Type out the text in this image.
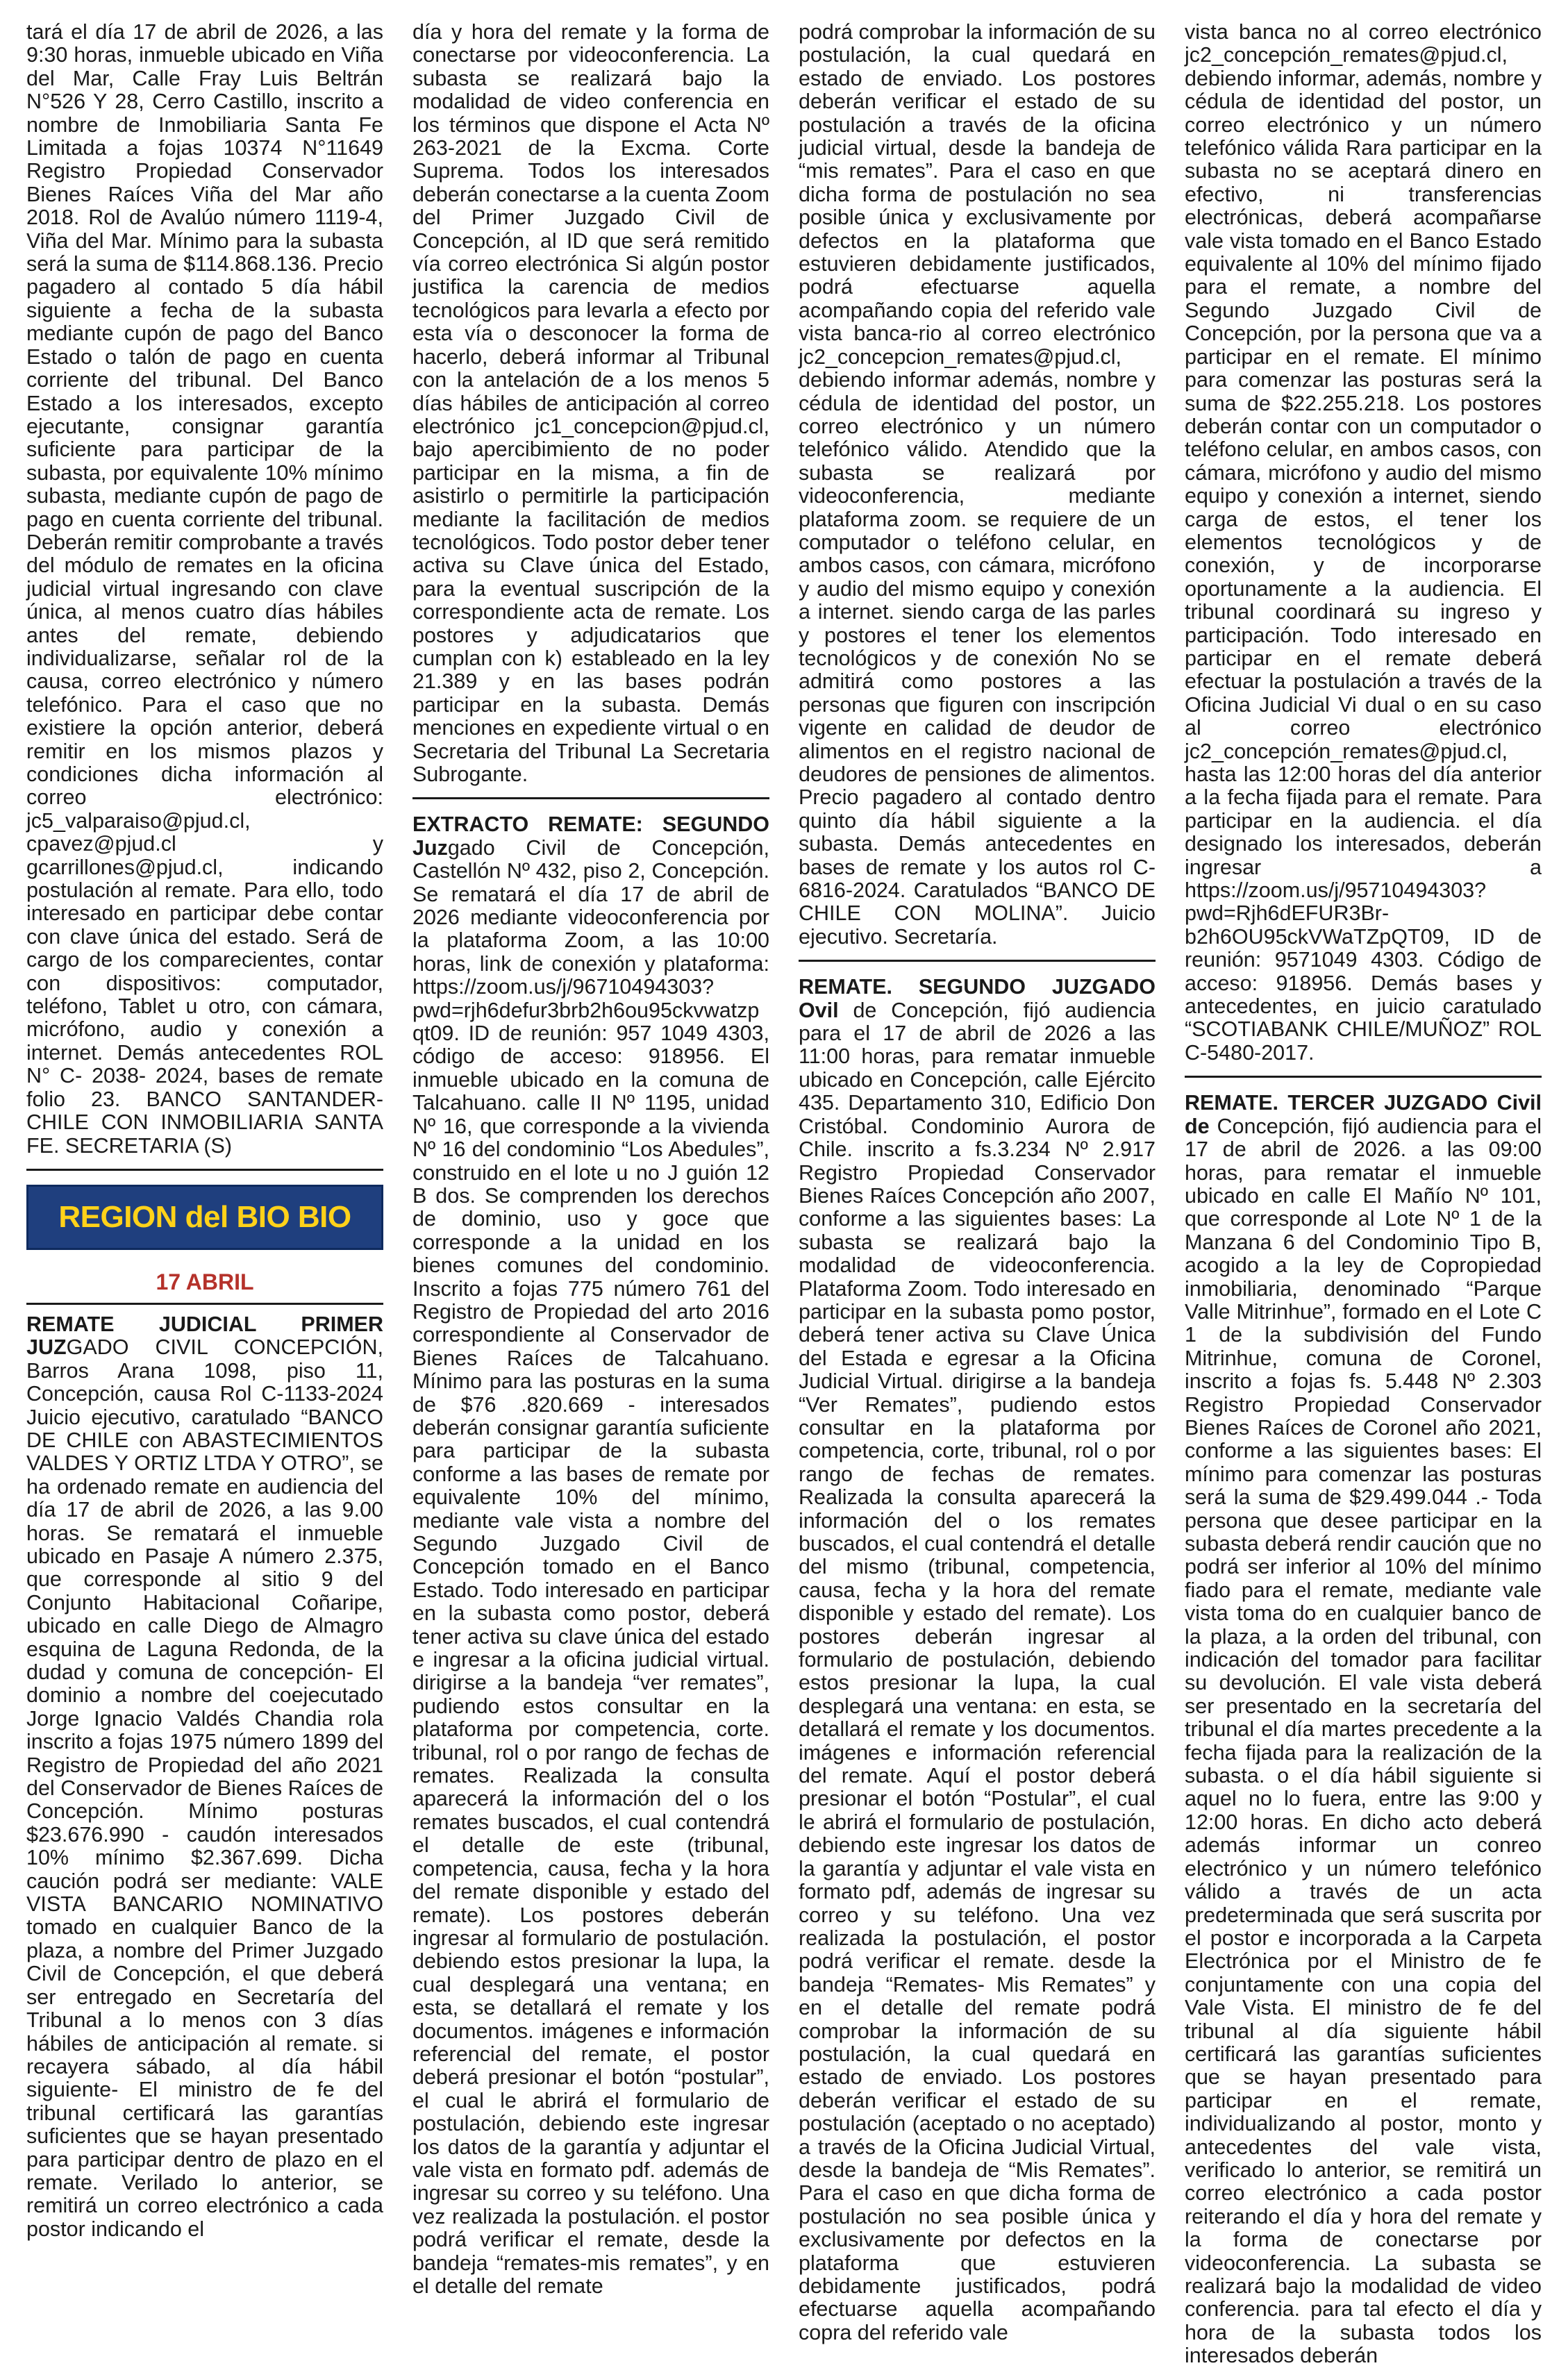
tará el día 17 de abril de 2026, a las 9:30 horas, inmueble ubicado en Viña del Mar, Calle Fray Luis Beltrán N°526 Y 28, Cerro Castillo, inscrito a nombre de Inmobiliaria Santa Fe Limitada a fojas 10374 N°11649 Registro Propiedad Conservador Bienes Raíces Viña del Mar año 2018. Rol de Avalúo número 1119-4, Viña del Mar. Mínimo para la subasta será la suma de $114.868.136. Precio pagadero al contado 5 día hábil siguiente a fecha de la subasta mediante cupón de pago del Banco Estado o talón de pago en cuenta corriente del tribunal. Del Banco Estado a los interesados, excepto ejecutante, consignar garantía suficiente para participar de la subasta, por equivalente 10% mínimo subasta, mediante cupón de pago de pago en cuenta corriente del tribunal. Deberán remitir comprobante a través del módulo de remates en la oficina judicial virtual ingresando con clave única, al menos cuatro días hábiles antes del remate, debiendo individualizarse, señalar rol de la causa, correo electrónico y número telefónico. Para el caso que no existiere la opción anterior, deberá remitir en los mismos plazos y condiciones dicha información al correo electrónico: jc5_valparaiso@pjud.cl, cpavez@pjud.cl y gcarrillones@pjud.cl, indicando postulación al remate. Para ello, todo interesado en participar debe contar con clave única del estado. Será de cargo de los comparecientes, contar con dispositivos: computador, teléfono, Tablet u otro, con cámara, micrófono, audio y conexión a internet. Demás antecedentes ROL N° C- 2038- 2024, bases de remate folio 23. BANCO SANTANDER-CHILE CON INMOBILIARIA SANTA FE. SECRETARIA (S)

REGION del BIO BIO
17 ABRIL

REMATE JUDICIAL PRIMER JUZGADO CIVIL CONCEPCIÓN, Barros Arana 1098, piso 11, Concepción, causa Rol C-1133-2024 Juicio ejecutivo, caratulado “BANCO DE CHILE con ABASTECIMIENTOS VALDES Y ORTIZ LTDA Y OTRO”, se ha ordenado remate en audiencia del día 17 de abril de 2026, a las 9.00 horas. Se rematará el inmueble ubicado en Pasaje A número 2.375, que corresponde al sitio 9 del Conjunto Habitacional Coñaripe, ubicado en calle Diego de Almagro esquina de Laguna Redonda, de la dudad y comuna de concepción- El dominio a nombre del coejecutado Jorge Ignacio Valdés Chandia rola inscrito a fojas 1975 número 1899 del Registro de Propiedad del año 2021 del Conservador de Bienes Raíces de Concepción. Mínimo posturas $23.676.990 - caudón interesados 10% mínimo $2.367.699. Dicha caución podrá ser mediante: VALE VISTA BANCARIO NOMINATIVO tomado en cualquier Banco de la plaza, a nombre del Primer Juzgado Civil de Concepción, el que deberá ser entregado en Secretaría del Tribunal a lo menos con 3 días hábiles de anticipación al remate. si recayera sábado, al día hábil siguiente- El ministro de fe del tribunal certificará las garantías suficientes que se hayan presentado para participar dentro de plazo en el remate. Verilado lo anterior, se remitirá un correo electrónico a cada postor indicando el

día y hora del remate y la forma de conectarse por videoconferencia. La subasta se realizará bajo la modalidad de video conferencia en los términos que dispone el Acta Nº 263-2021 de la Excma. Corte Suprema. Todos los interesados deberán conectarse a la cuenta Zoom del Primer Juzgado Civil de Concepción, al ID que será remitido vía correo electrónica Si algún postor justifica la carencia de medios tecnológicos para levarla a efecto por esta vía o desconocer la forma de hacerlo, deberá informar al Tribunal con la antelación de a los menos 5 días hábiles de anticipación al correo electrónico jc1_concepcion@pjud.cl, bajo apercibimiento de no poder participar en la misma, a fin de asistirlo o permitirle la participación mediante la facilitación de medios tecnológicos. Todo postor deber tener activa su Clave única del Estado, para la eventual suscripción de la correspondiente acta de remate. Los postores y adjudicatarios que cumplan con k) estableado en la ley 21.389 y en las bases podrán participar en la subasta. Demás menciones en expediente virtual o en Secretaria del Tribunal La Secretaria Subrogante.

EXTRACTO REMATE: SEGUNDO Juzgado Civil de Concepción, Castellón Nº 432, piso 2, Concepción. Se rematará el día 17 de abril de 2026 mediante videoconferencia por la plataforma Zoom, a las 10:00 horas, link de conexión y plataforma: https://zoom.us/j/96710494303?pwd=rjh6defur3brb2h6ou95ckvwatzpqt09. ID de reunión: 957 1049 4303, código de acceso: 918956. El inmueble ubicado en la comuna de Talcahuano. calle II Nº 1195, unidad Nº 16, que corresponde a la vivienda Nº 16 del condominio “Los Abedules”, construido en el lote u no J guión 12 B dos. Se comprenden los derechos de dominio, uso y goce que corresponde a la unidad en los bienes comunes del condominio. Inscrito a fojas 775 número 761 del Registro de Propiedad del arto 2016 correspondiente al Conservador de Bienes Raíces de Talcahuano. Mínimo para las posturas en la suma de $76 .820.669 - interesados deberán consignar garantía suficiente para participar de la subasta conforme a las bases de remate por equivalente 10% del mínimo, mediante vale vista a nombre del Segundo Juzgado Civil de Concepción tomado en el Banco Estado. Todo interesado en participar en la subasta como postor, deberá tener activa su clave única del estado e ingresar a la oficina judicial virtual. dirigirse a la bandeja “ver remates”, pudiendo estos consultar en la plataforma por competencia, corte. tribunal, rol o por rango de fechas de remates. Realizada la consulta aparecerá la información del o los remates buscados, el cual contendrá el detalle de este (tribunal, competencia, causa, fecha y la hora del remate disponible y estado del remate). Los postores deberán ingresar al formulario de postulación. debiendo estos presionar la lupa, la cual desplegará una ventana; en esta, se detallará el remate y los documentos. imágenes e información referencial del remate, el postor deberá presionar el botón “postular”, el cual le abrirá el formulario de postulación, debiendo este ingresar los datos de la garantía y adjuntar el vale vista en formato pdf. además de ingresar su correo y su teléfono. Una vez realizada la postulación. el postor podrá verificar el remate, desde la bandeja “remates-mis remates”, y en el detalle del remate

podrá comprobar la información de su postulación, la cual quedará en estado de enviado. Los postores deberán verificar el estado de su postulación a través de la oficina judicial virtual, desde la bandeja de “mis remates”. Para el caso en que dicha forma de postulación no sea posible única y exclusivamente por defectos en la plataforma que estuvieren debidamente justificados, podrá efectuarse aquella acompañando copia del referido vale vista banca-rio al correo electrónico jc2_concepcion_remates@pjud.cl, debiendo informar además, nombre y cédula de identidad del postor, un correo electrónico y un número telefónico válido. Atendido que la subasta se realizará por videoconferencia, mediante plataforma zoom. se requiere de un computador o teléfono celular, en ambos casos, con cámara, micrófono y audio del mismo equipo y conexión a internet. siendo carga de las parles y postores el tener los elementos tecnológicos y de conexión No se admitirá como postores a las personas que figuren con inscripción vigente en calidad de deudor de alimentos en el registro nacional de deudores de pensiones de alimentos. Precio pagadero al contado dentro quinto día hábil siguiente a la subasta. Demás antecedentes en bases de remate y los autos rol C-6816-2024. Caratulados “BANCO DE CHILE CON MOLINA”. Juicio ejecutivo. Secretaría.

REMATE. SEGUNDO JUZGADO Ovil de Concepción, fijó audiencia para el 17 de abril de 2026 a las 11:00 horas, para rematar inmueble ubicado en Concepción, calle Ejército 435. Departamento 310, Edificio Don Cristóbal. Condominio Aurora de Chile. inscrito a fs.3.234 Nº 2.917 Registro Propiedad Conservador Bienes Raíces Concepción año 2007, conforme a las siguientes bases: La subasta se realizará bajo la modalidad de videoconferencia. Plataforma Zoom. Todo interesado en participar en la subasta pomo postor, deberá tener activa su Clave Única del Estada e egresar a la Oficina Judicial Virtual. dirigirse a la bandeja “Ver Remates”, pudiendo estos consultar en la plataforma por competencia, corte, tribunal, rol o por rango de fechas de remates. Realizada la consulta aparecerá la información del o los remates buscados, el cual contendrá el detalle del mismo (tribunal, competencia, causa, fecha y la hora del remate disponible y estado del remate). Los postores deberán ingresar al formulario de postulación, debiendo estos presionar la lupa, la cual desplegará una ventana: en esta, se detallará el remate y los documentos. imágenes e información referencial del remate. Aquí el postor deberá presionar el botón “Postular”, el cual le abrirá el formulario de postulación, debiendo este ingresar los datos de la garantía y adjuntar el vale vista en formato pdf, además de ingresar su correo y su teléfono. Una vez realizada la postulación, el postor podrá verificar el remate. desde la bandeja “Remates- Mis Remates” y en el detalle del remate podrá comprobar la información de su postulación, la cual quedará en estado de enviado. Los postores deberán verificar el estado de su postulación (aceptado o no aceptado) a través de la Oficina Judicial Virtual, desde la bandeja de “Mis Remates”. Para el caso en que dicha forma de postulación no sea posible única y exclusivamente por defectos en la plataforma que estuvieren debidamente justificados, podrá efectuarse aquella acompañando copra del referido vale

vista banca no al correo electrónico jc2_concepción_remates@pjud.cl, debiendo informar, además, nombre y cédula de identidad del postor, un correo electrónico y un número telefónico válida Rara participar en la subasta no se aceptará dinero en efectivo, ni transferencias electrónicas, deberá acompañarse vale vista tomado en el Banco Estado equivalente al 10% del mínimo fijado para el remate, a nombre del Segundo Juzgado Civil de Concepción, por la persona que va a participar en el remate. El mínimo para comenzar las posturas será la suma de $22.255.218. Los postores deberán contar con un computador o teléfono celular, en ambos casos, con cámara, micrófono y audio del mismo equipo y conexión a internet, siendo carga de estos, el tener los elementos tecnológicos y de conexión, y de incorporarse oportunamente a la audiencia. El tribunal coordinará su ingreso y participación. Todo interesado en participar en el remate deberá efectuar la postulación a través de la Oficina Judicial Vi dual o en su caso al correo electrónico jc2_concepción_remates@pjud.cl, hasta las 12:00 horas del día anterior a la fecha fijada para el remate. Para participar en la audiencia. el día designado los interesados, deberán ingresar a https://zoom.us/j/95710494303?pwd=Rjh6dEFUR3Br-b2h6OU95ckVWaTZpQT09, ID de reunión: 9571049 4303. Código de acceso: 918956. Demás bases y antecedentes, en juicio caratulado “SCOTIABANK CHILE/MUÑOZ” ROL C-5480-2017.

REMATE. TERCER JUZGADO Civil de Concepción, fijó audiencia para el 17 de abril de 2026. a las 09:00 horas, para rematar el inmueble ubicado en calle El Mañío Nº 101, que corresponde al Lote Nº 1 de la Manzana 6 del Condominio Tipo B, acogido a la ley de Copropiedad inmobiliaria, denominado “Parque Valle Mitrinhue”, formado en el Lote C 1 de la subdivisión del Fundo Mitrinhue, comuna de Coronel, inscrito a fojas fs. 5.448 Nº 2.303 Registro Propiedad Conservador Bienes Raíces de Coronel año 2021, conforme a las siguientes bases: El mínimo para comenzar las posturas será la suma de $29.499.044 .- Toda persona que desee participar en la subasta deberá rendir caución que no podrá ser inferior al 10% del mínimo fiado para el remate, mediante vale vista toma do en cualquier banco de la plaza, a la orden del tribunal, con indicación del tomador para facilitar su devolución. El vale vista deberá ser presentado en la secretaría del tribunal el día martes precedente a la fecha fijada para la realización de la subasta. o el día hábil siguiente si aquel no lo fuera, entre las 9:00 y 12:00 horas. En dicho acto deberá además informar un conreo electrónico y un número telefónico válido a través de un acta predeterminada que será suscrita por el postor e incorporada a la Carpeta Electrónica por el Ministro de fe conjuntamente con una copia del Vale Vista. El ministro de fe del tribunal al día siguiente hábil certificará las garantías suficientes que se hayan presentado para participar en el remate, individualizando al postor, monto y antecedentes del vale vista, verificado lo anterior, se remitirá un correo electrónico a cada postor reiterando el día y hora del remate y la forma de conectarse por videoconferencia. La subasta se realizará bajo la modalidad de video conferencia. para tal efecto el día y hora de la subasta todos los interesados deberán
